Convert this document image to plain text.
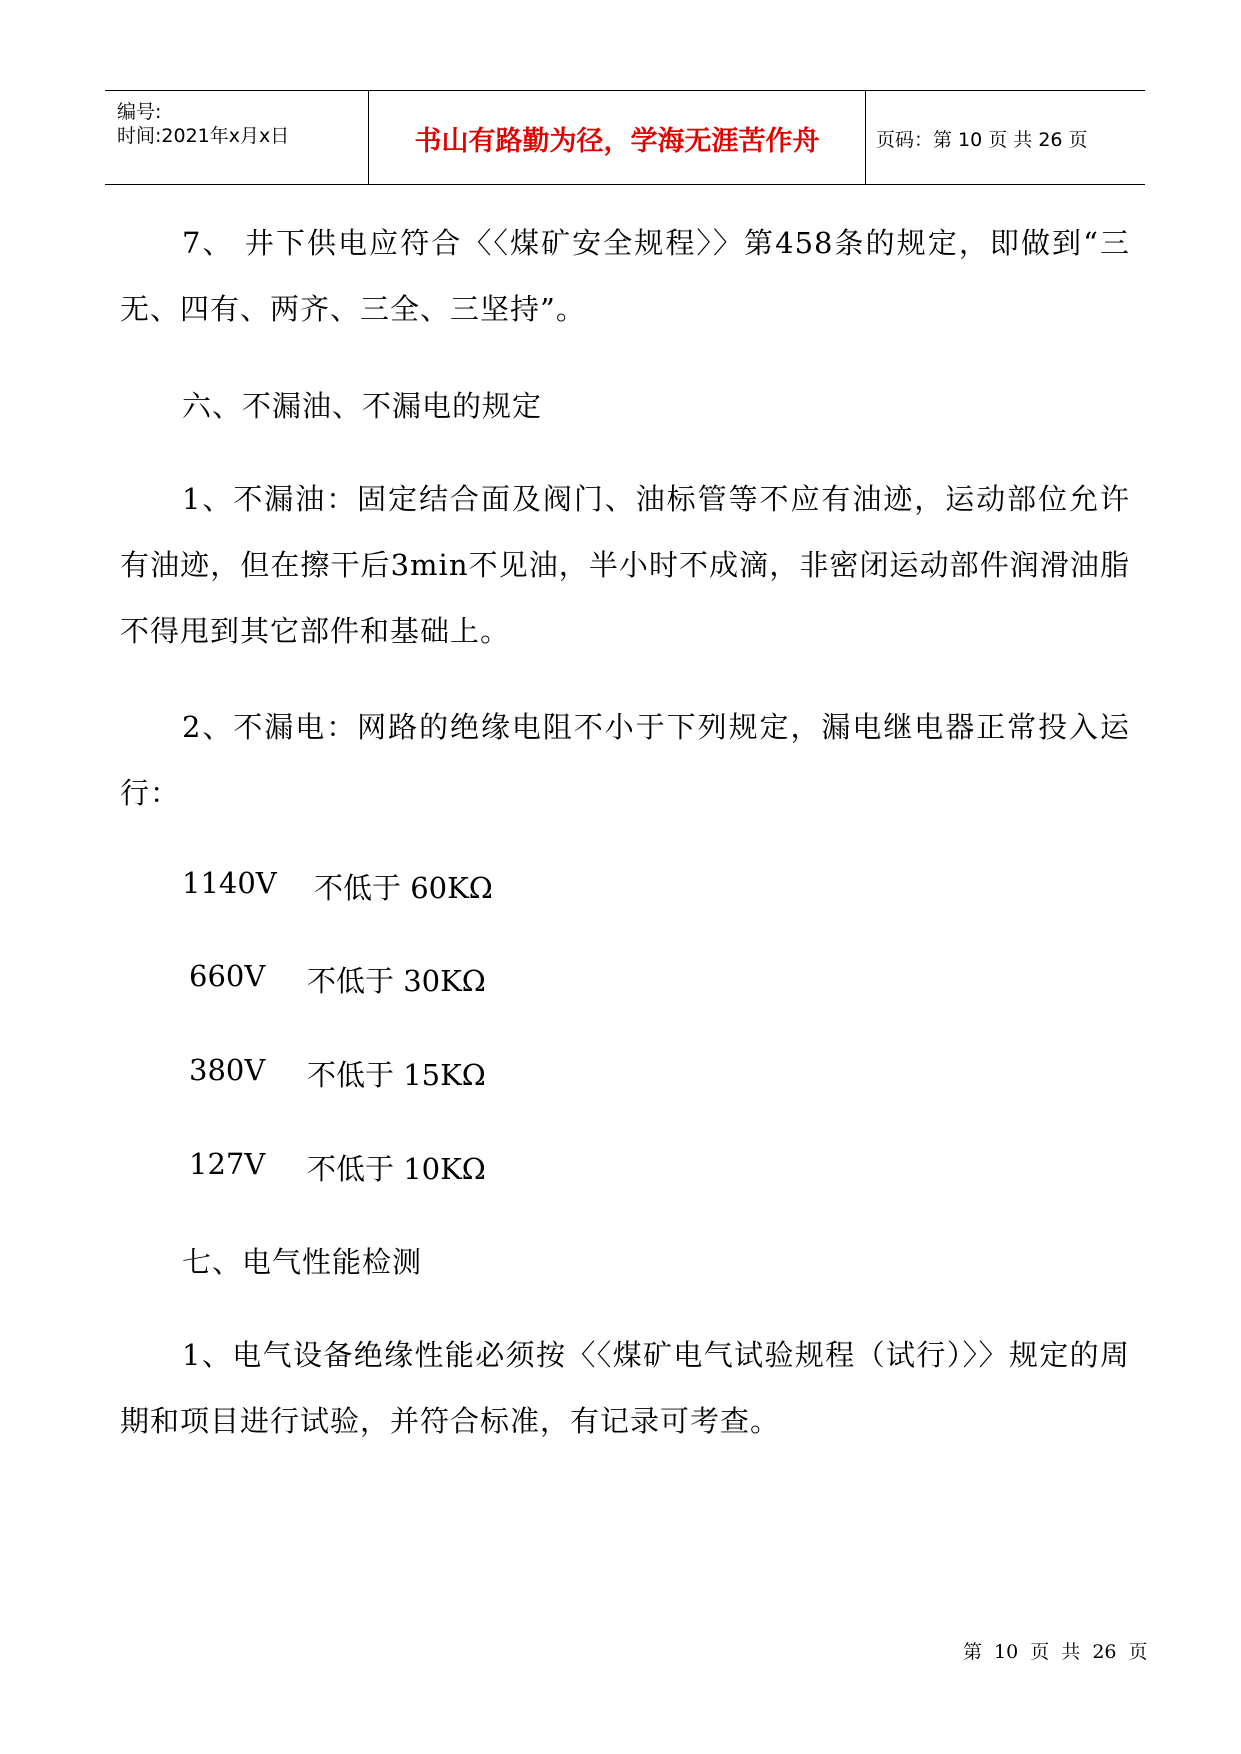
编号:
时间:2021年x月x日	书山有路勤为径，学海无涯苦作舟	页码：第 10 页 共 26 页
7、 井下供电应符合〈〈煤矿安全规程〉〉第458条的规定，即做到“三无、四有、两齐、三全、三坚持”。
六、不漏油、不漏电的规定
1、不漏油：固定结合面及阀门、油标管等不应有油迹，运动部位允许有油迹，但在擦干后3min不见油，半小时不成滴，非密闭运动部件润滑油脂不得甩到其它部件和基础上。
2、不漏电：网路的绝缘电阻不小于下列规定，漏电继电器正常投入运行：
1140V 不低于 60KΩ
660V 不低于 30KΩ
380V 不低于 15KΩ
127V 不低于 10KΩ
七、电气性能检测
1、电气设备绝缘性能必须按〈〈煤矿电气试验规程（试行）〉〉规定的周期和项目进行试验，并符合标准，有记录可考查。
第 10 页 共 26 页
